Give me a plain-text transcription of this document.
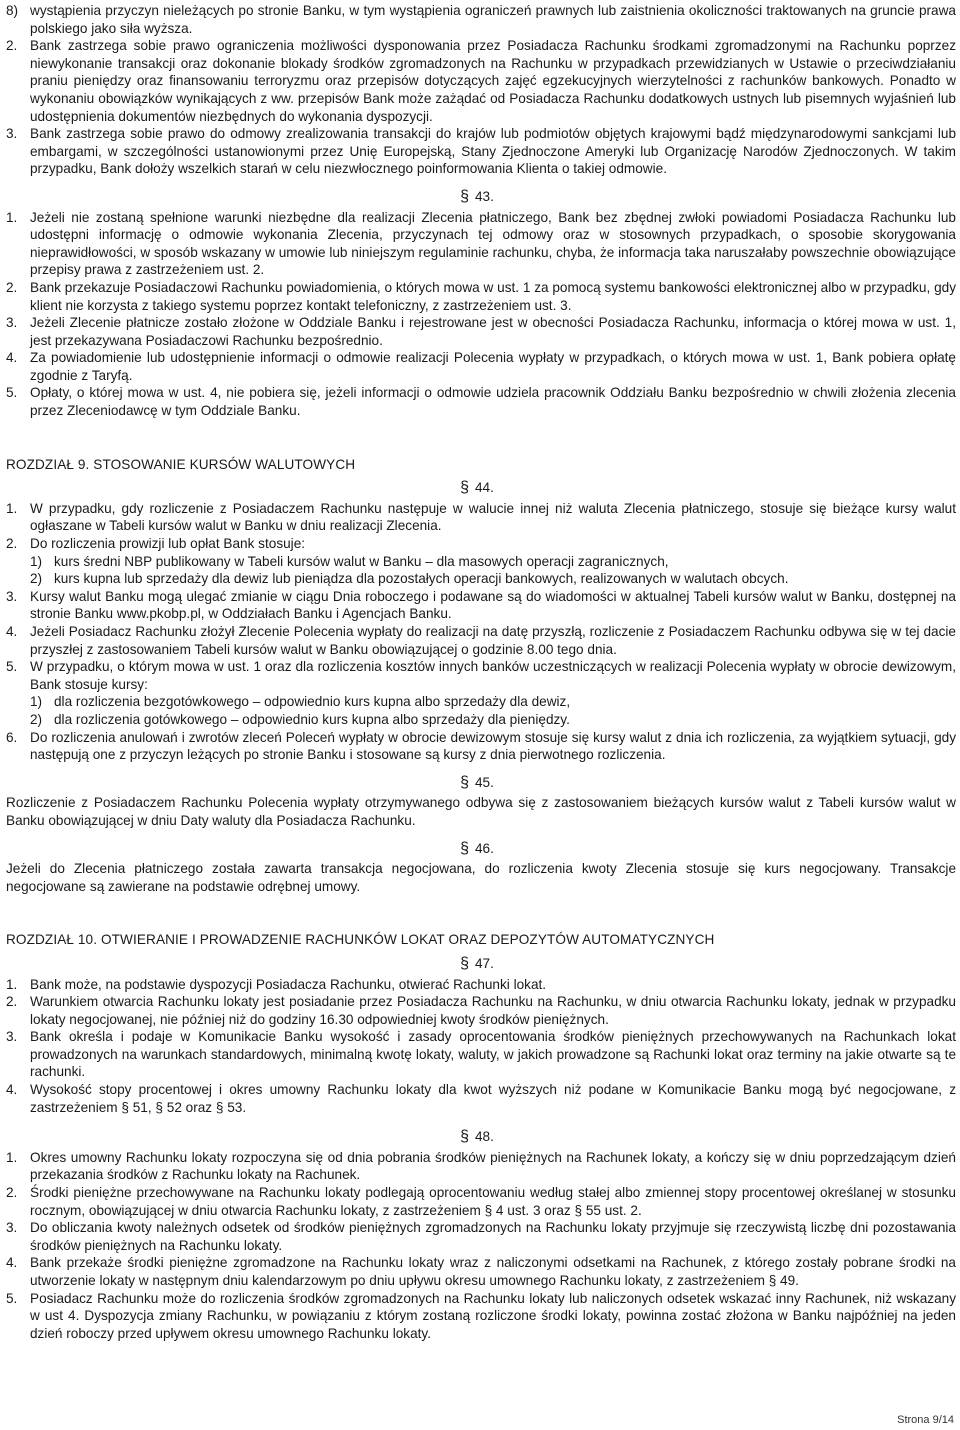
8) wystąpienia przyczyn nieleżących po stronie Banku, w tym wystąpienia ograniczeń prawnych lub zaistnienia okoliczności traktowanych na gruncie prawa polskiego jako siła wyższa.
2. Bank zastrzega sobie prawo ograniczenia możliwości dysponowania przez Posiadacza Rachunku środkami zgromadzonymi na Rachunku poprzez niewykonanie transakcji oraz dokonanie blokady środków zgromadzonych na Rachunku w przypadkach przewidzianych w Ustawie o przeciwdziałaniu praniu pieniędzy oraz finansowaniu terroryzmu oraz przepisów dotyczących zajęć egzekucyjnych wierzytelności z rachunków bankowych. Ponadto w wykonaniu obowiązków wynikających z ww. przepisów Bank może zażądać od Posiadacza Rachunku dodatkowych ustnych lub pisemnych wyjaśnień lub udostępnienia dokumentów niezbędnych do wykonania dyspozycji.
3. Bank zastrzega sobie prawo do odmowy zrealizowania transakcji do krajów lub podmiotów objętych krajowymi bądź międzynarodowymi sankcjami lub embargami, w szczególności ustanowionymi przez Unię Europejską, Stany Zjednoczone Ameryki lub Organizację Narodów Zjednoczonych. W takim przypadku, Bank dołoży wszelkich starań w celu niezwłocznego poinformowania Klienta o takiej odmowie.
§ 43.
1. Jeżeli nie zostaną spełnione warunki niezbędne dla realizacji Zlecenia płatniczego, Bank bez zbędnej zwłoki powiadomi Posiadacza Rachunku lub udostępni informację o odmowie wykonania Zlecenia, przyczynach tej odmowy oraz w stosownych przypadkach, o sposobie skorygowania nieprawidłowości, w sposób wskazany w umowie lub niniejszym regulaminie rachunku, chyba, że informacja taka naruszałaby powszechnie obowiązujące przepisy prawa z zastrzeżeniem ust. 2.
2. Bank przekazuje Posiadaczowi Rachunku powiadomienia, o których mowa w ust. 1 za pomocą systemu bankowości elektronicznej albo w przypadku, gdy klient nie korzysta z takiego systemu poprzez kontakt telefoniczny, z zastrzeżeniem ust. 3.
3. Jeżeli Zlecenie płatnicze zostało złożone w Oddziale Banku i rejestrowane jest w obecności Posiadacza Rachunku, informacja o której mowa w ust. 1, jest przekazywana Posiadaczowi Rachunku bezpośrednio.
4. Za powiadomienie lub udostępnienie informacji o odmowie realizacji Polecenia wypłaty w przypadkach, o których mowa w ust. 1, Bank pobiera opłatę zgodnie z Taryfą.
5. Opłaty, o której mowa w ust. 4, nie pobiera się, jeżeli informacji o odmowie udziela pracownik Oddziału Banku bezpośrednio w chwili złożenia zlecenia przez Zleceniodawcę w tym Oddziale Banku.
ROZDZIAŁ 9. STOSOWANIE KURSÓW WALUTOWYCH
§ 44.
1. W przypadku, gdy rozliczenie z Posiadaczem Rachunku następuje w walucie innej niż waluta Zlecenia płatniczego, stosuje się bieżące kursy walut ogłaszane w Tabeli kursów walut w Banku w dniu realizacji Zlecenia.
2. Do rozliczenia prowizji lub opłat Bank stosuje:
1) kurs średni NBP publikowany w Tabeli kursów walut w Banku – dla masowych operacji zagranicznych,
2) kurs kupna lub sprzedaży dla dewiz lub pieniądza dla pozostałych operacji bankowych, realizowanych w walutach obcych.
3. Kursy walut Banku mogą ulegać zmianie w ciągu Dnia roboczego i podawane są do wiadomości w aktualnej Tabeli kursów walut w Banku, dostępnej na stronie Banku www.pkobp.pl, w Oddziałach Banku i Agencjach Banku.
4. Jeżeli Posiadacz Rachunku złożył Zlecenie Polecenia wypłaty do realizacji na datę przyszłą, rozliczenie z Posiadaczem Rachunku odbywa się w tej dacie przyszłej z zastosowaniem Tabeli kursów walut w Banku obowiązującej o godzinie 8.00 tego dnia.
5. W przypadku, o którym mowa w ust. 1 oraz dla rozliczenia kosztów innych banków uczestniczących w realizacji Polecenia wypłaty w obrocie dewizowym, Bank stosuje kursy:
1) dla rozliczenia bezgotówkowego – odpowiednio kurs kupna albo sprzedaży dla dewiz,
2) dla rozliczenia gotówkowego – odpowiednio kurs kupna albo sprzedaży dla pieniędzy.
6. Do rozliczenia anulowań i zwrotów zleceń Poleceń wypłaty w obrocie dewizowym stosuje się kursy walut z dnia ich rozliczenia, za wyjątkiem sytuacji, gdy następują one z przyczyn leżących po stronie Banku i stosowane są kursy z dnia pierwotnego rozliczenia.
§ 45.

Rozliczenie z Posiadaczem Rachunku Polecenia wypłaty otrzymywanego odbywa się z zastosowaniem bieżących kursów walut z Tabeli kursów walut w Banku obowiązującej w dniu Daty waluty dla Posiadacza Rachunku.

§ 46.

Jeżeli do Zlecenia płatniczego została zawarta transakcja negocjowana, do rozliczenia kwoty Zlecenia stosuje się kurs negocjowany. Transakcje negocjowane są zawierane na podstawie odrębnej umowy.

ROZDZIAŁ 10. OTWIERANIE I PROWADZENIE RACHUNKÓW LOKAT ORAZ DEPOZYTÓW AUTOMATYCZNYCH
§ 47.
1. Bank może, na podstawie dyspozycji Posiadacza Rachunku, otwierać Rachunki lokat.
2. Warunkiem otwarcia Rachunku lokaty jest posiadanie przez Posiadacza Rachunku na Rachunku, w dniu otwarcia Rachunku lokaty, jednak w przypadku lokaty negocjowanej, nie później niż do godziny 16.30 odpowiedniej kwoty środków pieniężnych.
3. Bank określa i podaje w Komunikacie Banku wysokość i zasady oprocentowania środków pieniężnych przechowywanych na Rachunkach lokat prowadzonych na warunkach standardowych, minimalną kwotę lokaty, waluty, w jakich prowadzone są Rachunki lokat oraz terminy na jakie otwarte są te rachunki.
4. Wysokość stopy procentowej i okres umowny Rachunku lokaty dla kwot wyższych niż podane w Komunikacie Banku mogą być negocjowane, z zastrzeżeniem § 51, § 52 oraz § 53.
§ 48.
1. Okres umowny Rachunku lokaty rozpoczyna się od dnia pobrania środków pieniężnych na Rachunek lokaty, a kończy się w dniu poprzedzającym dzień przekazania środków z Rachunku lokaty na Rachunek.
2. Środki pieniężne przechowywane na Rachunku lokaty podlegają oprocentowaniu według stałej albo zmiennej stopy procentowej określanej w stosunku rocznym, obowiązującej w dniu otwarcia Rachunku lokaty, z zastrzeżeniem § 4 ust. 3 oraz § 55 ust. 2.
3. Do obliczania kwoty należnych odsetek od środków pieniężnych zgromadzonych na Rachunku lokaty przyjmuje się rzeczywistą liczbę dni pozostawania środków pieniężnych na Rachunku lokaty.
4. Bank przekaże środki pieniężne zgromadzone na Rachunku lokaty wraz z naliczonymi odsetkami na Rachunek, z którego zostały pobrane środki na utworzenie lokaty w następnym dniu kalendarzowym po dniu upływu okresu umownego Rachunku lokaty, z zastrzeżeniem § 49.
5. Posiadacz Rachunku może do rozliczenia środków zgromadzonych na Rachunku lokaty lub naliczonych odsetek wskazać inny Rachunek, niż wskazany w ust 4. Dyspozycja zmiany Rachunku, w powiązaniu z którym zostaną rozliczone środki lokaty, powinna zostać złożona w Banku najpóźniej na jeden dzień roboczy przed upływem okresu umownego Rachunku lokaty.
Strona 9/14
